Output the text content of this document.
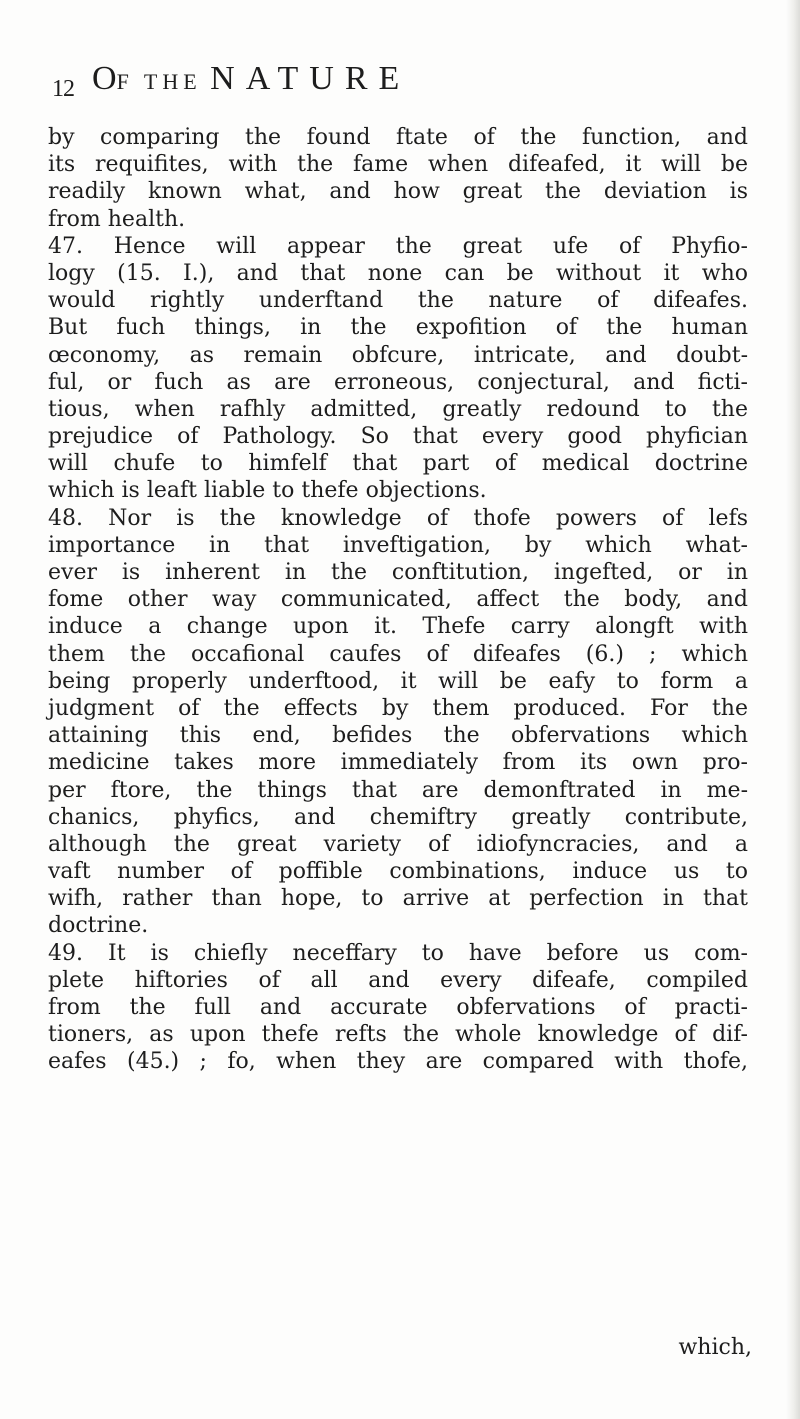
12 OF THE NATURE
by comparing the found ftate of the function, and
its requifites, with the fame when difeafed, it will be
readily known what, and how great the deviation is
from health.
47. Hence will appear the great ufe of Phyfio-
logy (15. I.), and that none can be without it who
would rightly underftand the nature of difeafes.
But fuch things, in the expofition of the human
œconomy, as remain obfcure, intricate, and doubt-
ful, or fuch as are erroneous, conjectural, and ficti-
tious, when rafhly admitted, greatly redound to the
prejudice of Pathology. So that every good phyfician
will chufe to himfelf that part of medical doctrine
which is leaft liable to thefe objections.
48. Nor is the knowledge of thofe powers of lefs
importance in that inveftigation, by which what-
ever is inherent in the conftitution, ingefted, or in
fome other way communicated, affect the body, and
induce a change upon it. Thefe carry alongft with
them the occafional caufes of difeafes (6.) ; which
being properly underftood, it will be eafy to form a
judgment of the effects by them produced. For the
attaining this end, befides the obfervations which
medicine takes more immediately from its own pro-
per ftore, the things that are demonftrated in me-
chanics, phyfics, and chemiftry greatly contribute,
although the great variety of idiofyncracies, and a
vaft number of poffible combinations, induce us to
wifh, rather than hope, to arrive at perfection in that
doctrine.
49. It is chiefly neceffary to have before us com-
plete hiftories of all and every difeafe, compiled
from the full and accurate obfervations of practi-
tioners, as upon thefe refts the whole knowledge of dif-
eafes (45.) ; fo, when they are compared with thofe,
which,
